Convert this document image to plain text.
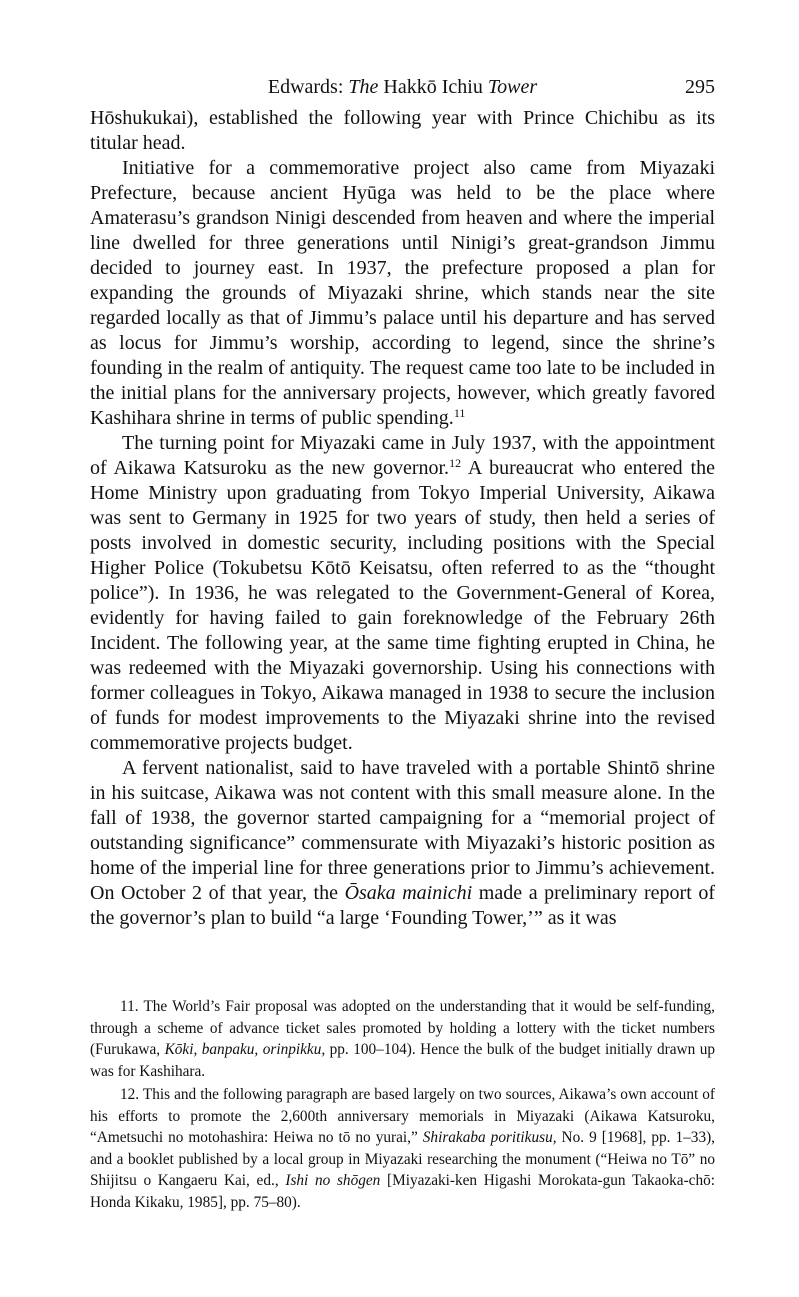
Edwards: The Hakkō Ichiu Tower	295

Hōshukukai), established the following year with Prince Chichibu as its titular head.

Initiative for a commemorative project also came from Miyazaki Prefecture, because ancient Hyūga was held to be the place where Amaterasu’s grandson Ninigi descended from heaven and where the imperial line dwelled for three generations until Ninigi’s great-grandson Jimmu decided to journey east. In 1937, the prefecture proposed a plan for expanding the grounds of Miyazaki shrine, which stands near the site regarded locally as that of Jimmu’s palace until his departure and has served as locus for Jimmu’s worship, according to legend, since the shrine’s founding in the realm of antiquity. The request came too late to be included in the initial plans for the anniversary projects, however, which greatly favored Kashihara shrine in terms of public spending.$^{11}$

The turning point for Miyazaki came in July 1937, with the appointment of Aikawa Katsuroku as the new governor.$^{12}$ A bureaucrat who entered the Home Ministry upon graduating from Tokyo Imperial University, Aikawa was sent to Germany in 1925 for two years of study, then held a series of posts involved in domestic security, including positions with the Special Higher Police (Tokubetsu Kōtō Keisatsu, often referred to as the “thought police”). In 1936, he was relegated to the Government-General of Korea, evidently for having failed to gain foreknowledge of the February 26th Incident. The following year, at the same time fighting erupted in China, he was redeemed with the Miyazaki governorship. Using his connections with former colleagues in Tokyo, Aikawa managed in 1938 to secure the inclusion of funds for modest improvements to the Miyazaki shrine into the revised commemorative projects budget.

A fervent nationalist, said to have traveled with a portable Shintō shrine in his suitcase, Aikawa was not content with this small measure alone. In the fall of 1938, the governor started campaigning for a “memorial project of outstanding significance” commensurate with Miyazaki’s historic position as home of the imperial line for three generations prior to Jimmu’s achievement. On October 2 of that year, the Ōsaka mainichi made a preliminary report of the governor’s plan to build “a large ‘Founding Tower,’” as it was

11. The World’s Fair proposal was adopted on the understanding that it would be self-funding, through a scheme of advance ticket sales promoted by holding a lottery with the ticket numbers (Furukawa, Kōki, banpaku, orinpikku, pp. 100–104). Hence the bulk of the budget initially drawn up was for Kashihara.

12. This and the following paragraph are based largely on two sources, Aikawa’s own account of his efforts to promote the 2,600th anniversary memorials in Miyazaki (Aikawa Katsuroku, “Ametsuchi no motohashira: Heiwa no tō no yurai,” Shirakaba poritikusu, No. 9 [1968], pp. 1–33), and a booklet published by a local group in Miyazaki researching the monument (“Heiwa no Tō” no Shijitsu o Kangaeru Kai, ed., Ishi no shōgen [Miyazaki-ken Higashi Morokata-gun Takaoka-chō: Honda Kikaku, 1985], pp. 75–80).
